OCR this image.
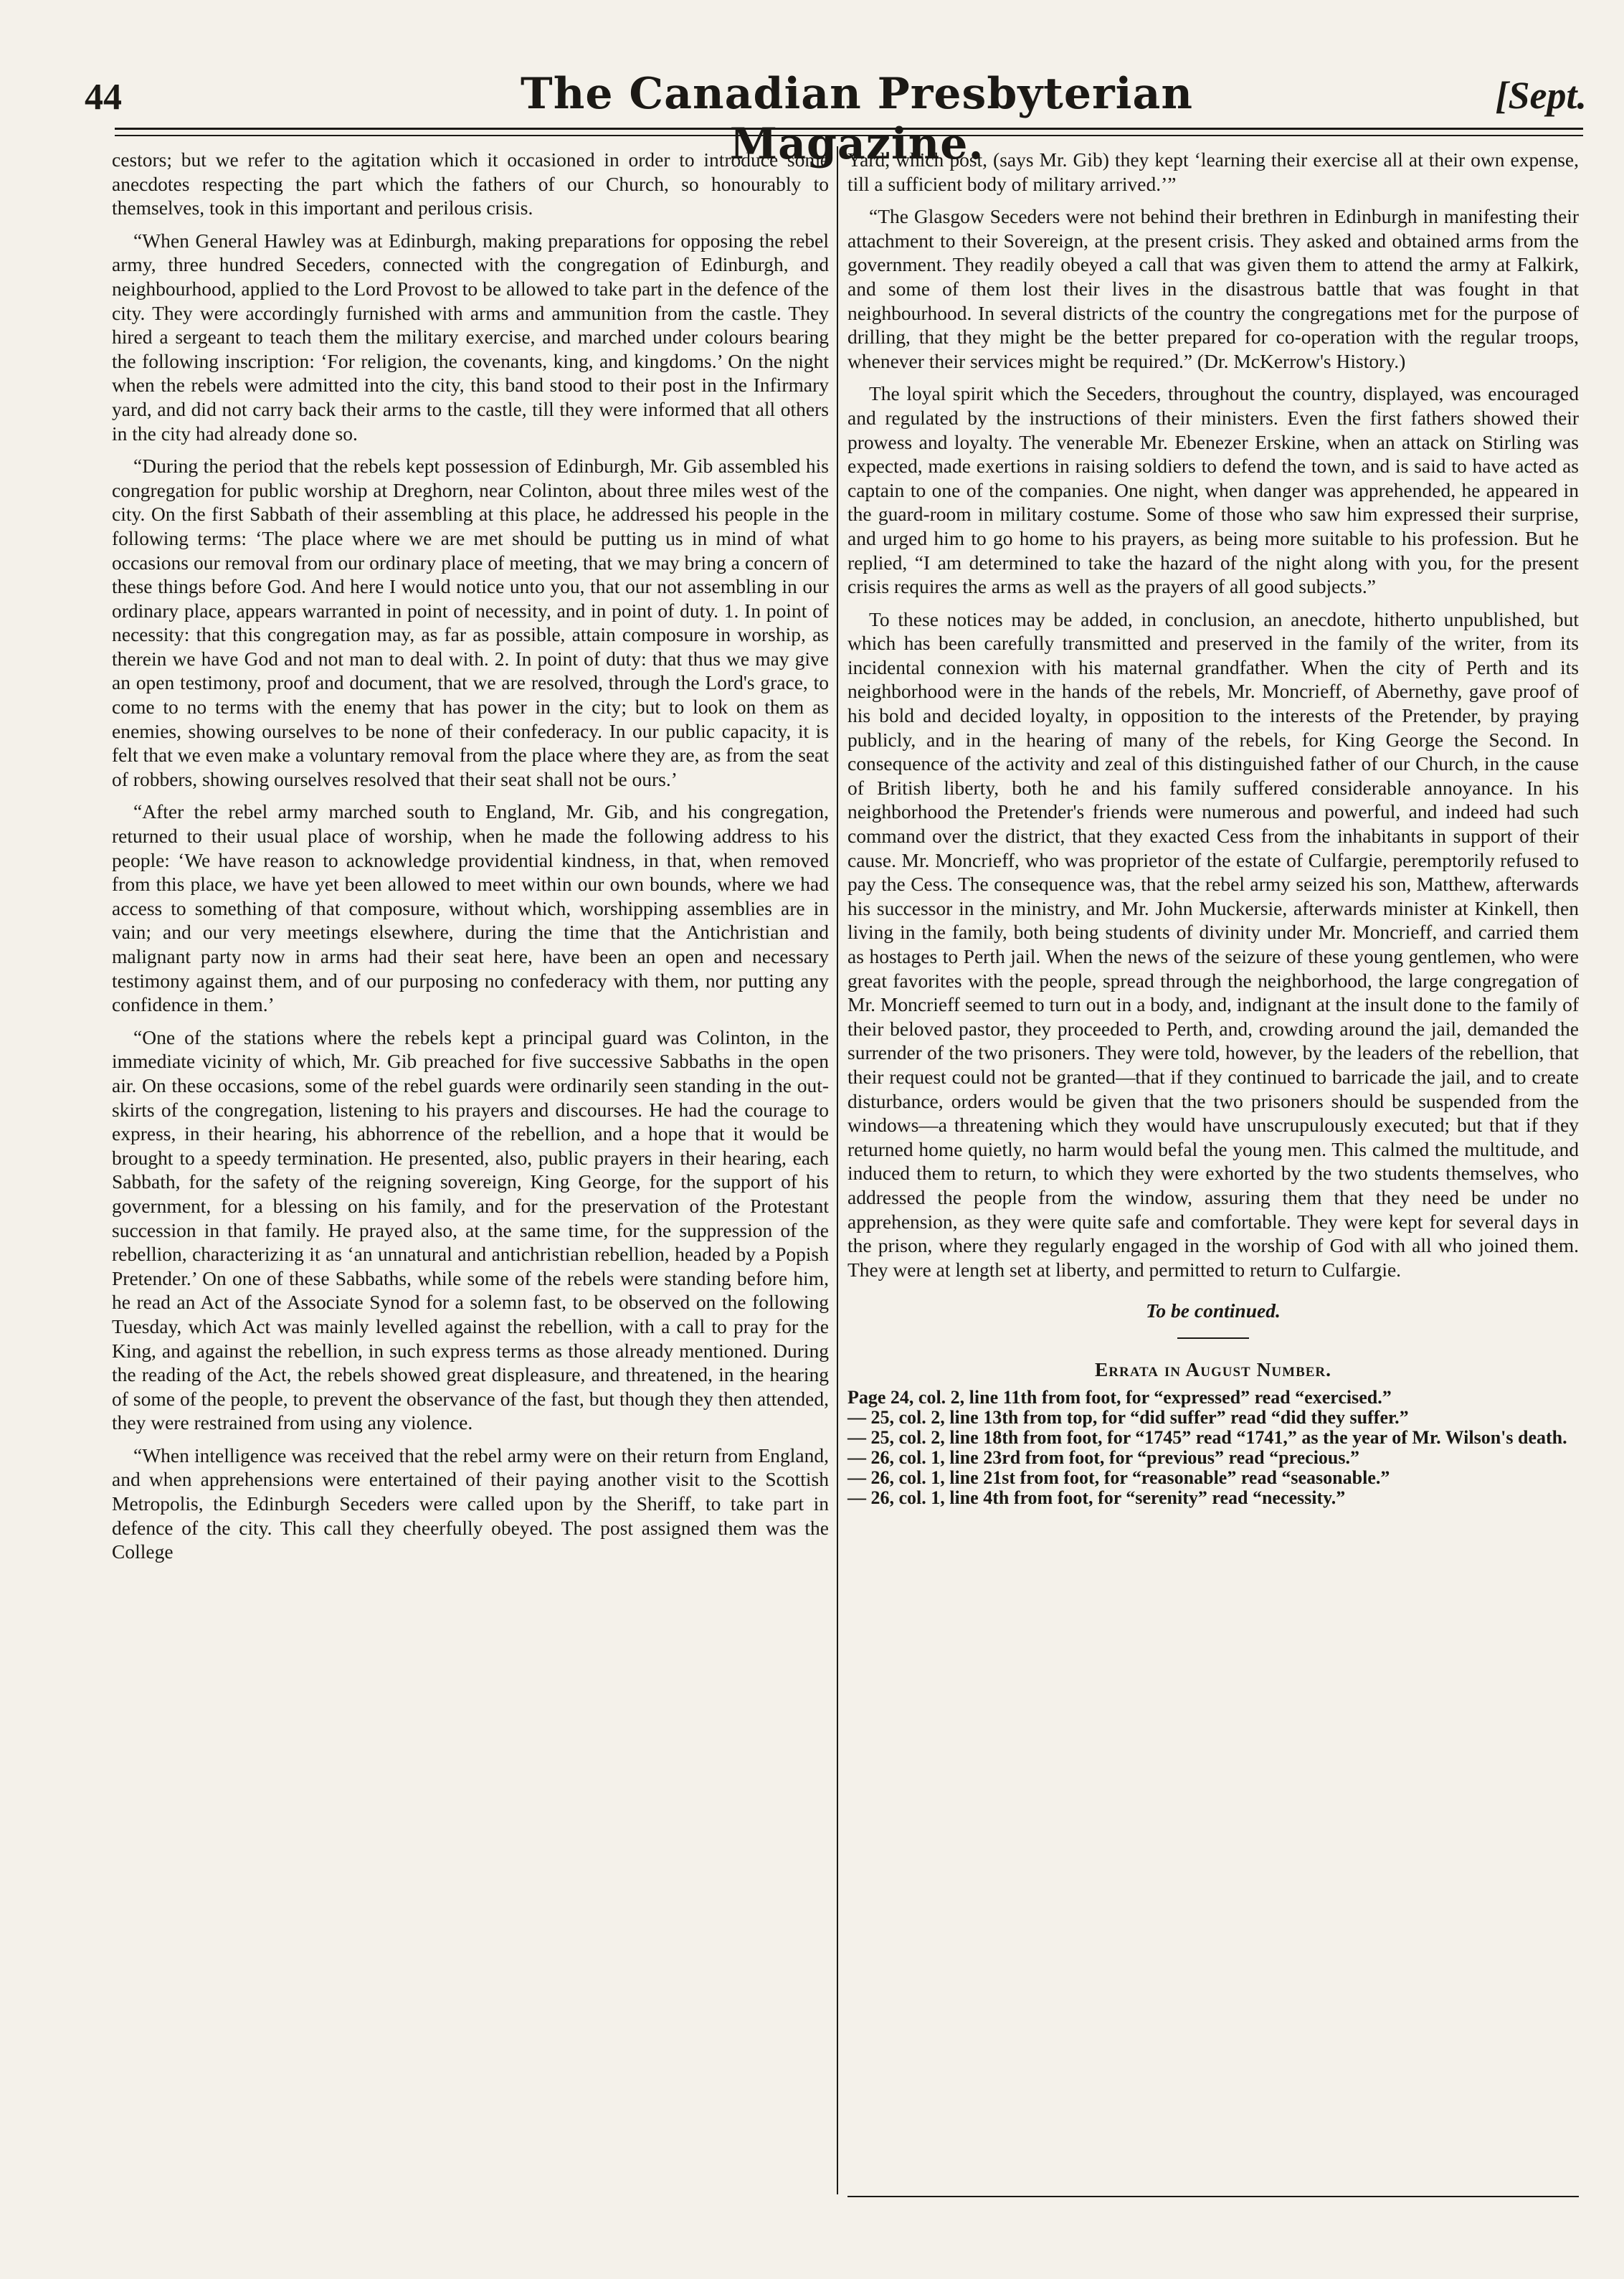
44	The Canadian Presbyterian Magazine.
[Sept.

cestors; but we refer to the agitation which it occasioned in order to introduce some anecdotes respecting the part which the fathers of our Church, so honourably to themselves, took in this important and perilous crisis.

“When General Hawley was at Edinburgh, making preparations for opposing the rebel army, three hundred Seceders, connected with the congregation of Edinburgh, and neighbourhood, applied to the Lord Provost to be allowed to take part in the defence of the city. They were accordingly furnished with arms and ammunition from the castle. They hired a sergeant to teach them the military exercise, and marched under colours bearing the following inscription: ‘For religion, the covenants, king, and kingdoms.’ On the night when the rebels were admitted into the city, this band stood to their post in the Infirmary yard, and did not carry back their arms to the castle, till they were informed that all others in the city had already done so.

“During the period that the rebels kept possession of Edinburgh, Mr. Gib assembled his congregation for public worship at Dreghorn, near Colinton, about three miles west of the city. On the first Sabbath of their assembling at this place, he addressed his people in the following terms: ‘The place where we are met should be putting us in mind of what occasions our removal from our ordinary place of meeting, that we may bring a concern of these things before God. And here I would notice unto you, that our not assembling in our ordinary place, appears warranted in point of necessity, and in point of duty. 1. In point of necessity: that this congregation may, as far as possible, attain composure in worship, as therein we have God and not man to deal with. 2. In point of duty: that thus we may give an open testimony, proof and document, that we are resolved, through the Lord's grace, to come to no terms with the enemy that has power in the city; but to look on them as enemies, showing ourselves to be none of their confederacy. In our public capacity, it is felt that we even make a voluntary removal from the place where they are, as from the seat of robbers, showing ourselves resolved that their seat shall not be ours.’

“After the rebel army marched south to England, Mr. Gib, and his congregation, returned to their usual place of worship, when he made the following address to his people: ‘We have reason to acknowledge providential kindness, in that, when removed from this place, we have yet been allowed to meet within our own bounds, where we had access to something of that composure, without which, worshipping assemblies are in vain; and our very meetings elsewhere, during the time that the Antichristian and malignant party now in arms had their seat here, have been an open and necessary testimony against them, and of our purposing no confederacy with them, nor putting any confidence in them.’

“One of the stations where the rebels kept a principal guard was Colinton, in the immediate vicinity of which, Mr. Gib preached for five successive Sabbaths in the open air. On these occasions, some of the rebel guards were ordinarily seen standing in the out-skirts of the congregation, listening to his prayers and discourses. He had the courage to express, in their hearing, his abhorrence of the rebellion, and a hope that it would be brought to a speedy termination. He presented, also, public prayers in their hearing, each Sabbath, for the safety of the reigning sovereign, King George, for the support of his government, for a blessing on his family, and for the preservation of the Protestant succession in that family. He prayed also, at the same time, for the suppression of the rebellion, characterizing it as ‘an unnatural and antichristian rebellion, headed by a Popish Pretender.’ On one of these Sabbaths, while some of the rebels were standing before him, he read an Act of the Associate Synod for a solemn fast, to be observed on the following Tuesday, which Act was mainly levelled against the rebellion, with a call to pray for the King, and against the rebellion, in such express terms as those already mentioned. During the reading of the Act, the rebels showed great displeasure, and threatened, in the hearing of some of the people, to prevent the observance of the fast, but though they then attended, they were restrained from using any violence.

“When intelligence was received that the rebel army were on their return from England, and when apprehensions were entertained of their paying another visit to the Scottish Metropolis, the Edinburgh Seceders were called upon by the Sheriff, to take part in defence of the city. This call they cheerfully obeyed. The post assigned them was the College

Yard, which post, (says Mr. Gib) they kept ‘learning their exercise all at their own expense, till a sufficient body of military arrived.’”

“The Glasgow Seceders were not behind their brethren in Edinburgh in manifesting their attachment to their Sovereign, at the present crisis. They asked and obtained arms from the government. They readily obeyed a call that was given them to attend the army at Falkirk, and some of them lost their lives in the disastrous battle that was fought in that neighbourhood. In several districts of the country the congregations met for the purpose of drilling, that they might be the better prepared for co-operation with the regular troops, whenever their services might be required.” (Dr. McKerrow's History.)

The loyal spirit which the Seceders, throughout the country, displayed, was encouraged and regulated by the instructions of their ministers. Even the first fathers showed their prowess and loyalty. The venerable Mr. Ebenezer Erskine, when an attack on Stirling was expected, made exertions in raising soldiers to defend the town, and is said to have acted as captain to one of the companies. One night, when danger was apprehended, he appeared in the guard-room in military costume. Some of those who saw him expressed their surprise, and urged him to go home to his prayers, as being more suitable to his profession. But he replied, “I am determined to take the hazard of the night along with you, for the present crisis requires the arms as well as the prayers of all good subjects.”

To these notices may be added, in conclusion, an anecdote, hitherto unpublished, but which has been carefully transmitted and preserved in the family of the writer, from its incidental connexion with his maternal grandfather. When the city of Perth and its neighborhood were in the hands of the rebels, Mr. Moncrieff, of Abernethy, gave proof of his bold and decided loyalty, in opposition to the interests of the Pretender, by praying publicly, and in the hearing of many of the rebels, for King George the Second. In consequence of the activity and zeal of this distinguished father of our Church, in the cause of British liberty, both he and his family suffered considerable annoyance. In his neighborhood the Pretender's friends were numerous and powerful, and indeed had such command over the district, that they exacted Cess from the inhabitants in support of their cause. Mr. Moncrieff, who was proprietor of the estate of Culfargie, peremptorily refused to pay the Cess. The consequence was, that the rebel army seized his son, Matthew, afterwards his successor in the ministry, and Mr. John Muckersie, afterwards minister at Kinkell, then living in the family, both being students of divinity under Mr. Moncrieff, and carried them as hostages to Perth jail. When the news of the seizure of these young gentlemen, who were great favorites with the people, spread through the neighborhood, the large congregation of Mr. Moncrieff seemed to turn out in a body, and, indignant at the insult done to the family of their beloved pastor, they proceeded to Perth, and, crowding around the jail, demanded the surrender of the two prisoners. They were told, however, by the leaders of the rebellion, that their request could not be granted—that if they continued to barricade the jail, and to create disturbance, orders would be given that the two prisoners should be suspended from the windows—a threatening which they would have unscrupulously executed; but that if they returned home quietly, no harm would befal the young men. This calmed the multitude, and induced them to return, to which they were exhorted by the two students themselves, who addressed the people from the window, assuring them that they need be under no apprehension, as they were quite safe and comfortable. They were kept for several days in the prison, where they regularly engaged in the worship of God with all who joined them. They were at length set at liberty, and permitted to return to Culfargie.

To be continued.
Errata in August Number.
Page 24, col. 2, line 11th from foot, for “expressed” read “exercised.”
— 25, col. 2, line 13th from top, for “did suffer” read “did they suffer.”
— 25, col. 2, line 18th from foot, for “1745” read “1741,” as the year of Mr. Wilson's death.
— 26, col. 1, line 23rd from foot, for “previous” read “precious.”
— 26, col. 1, line 21st from foot, for “reasonable” read “seasonable.”
— 26, col. 1, line 4th from foot, for “serenity” read “necessity.”
